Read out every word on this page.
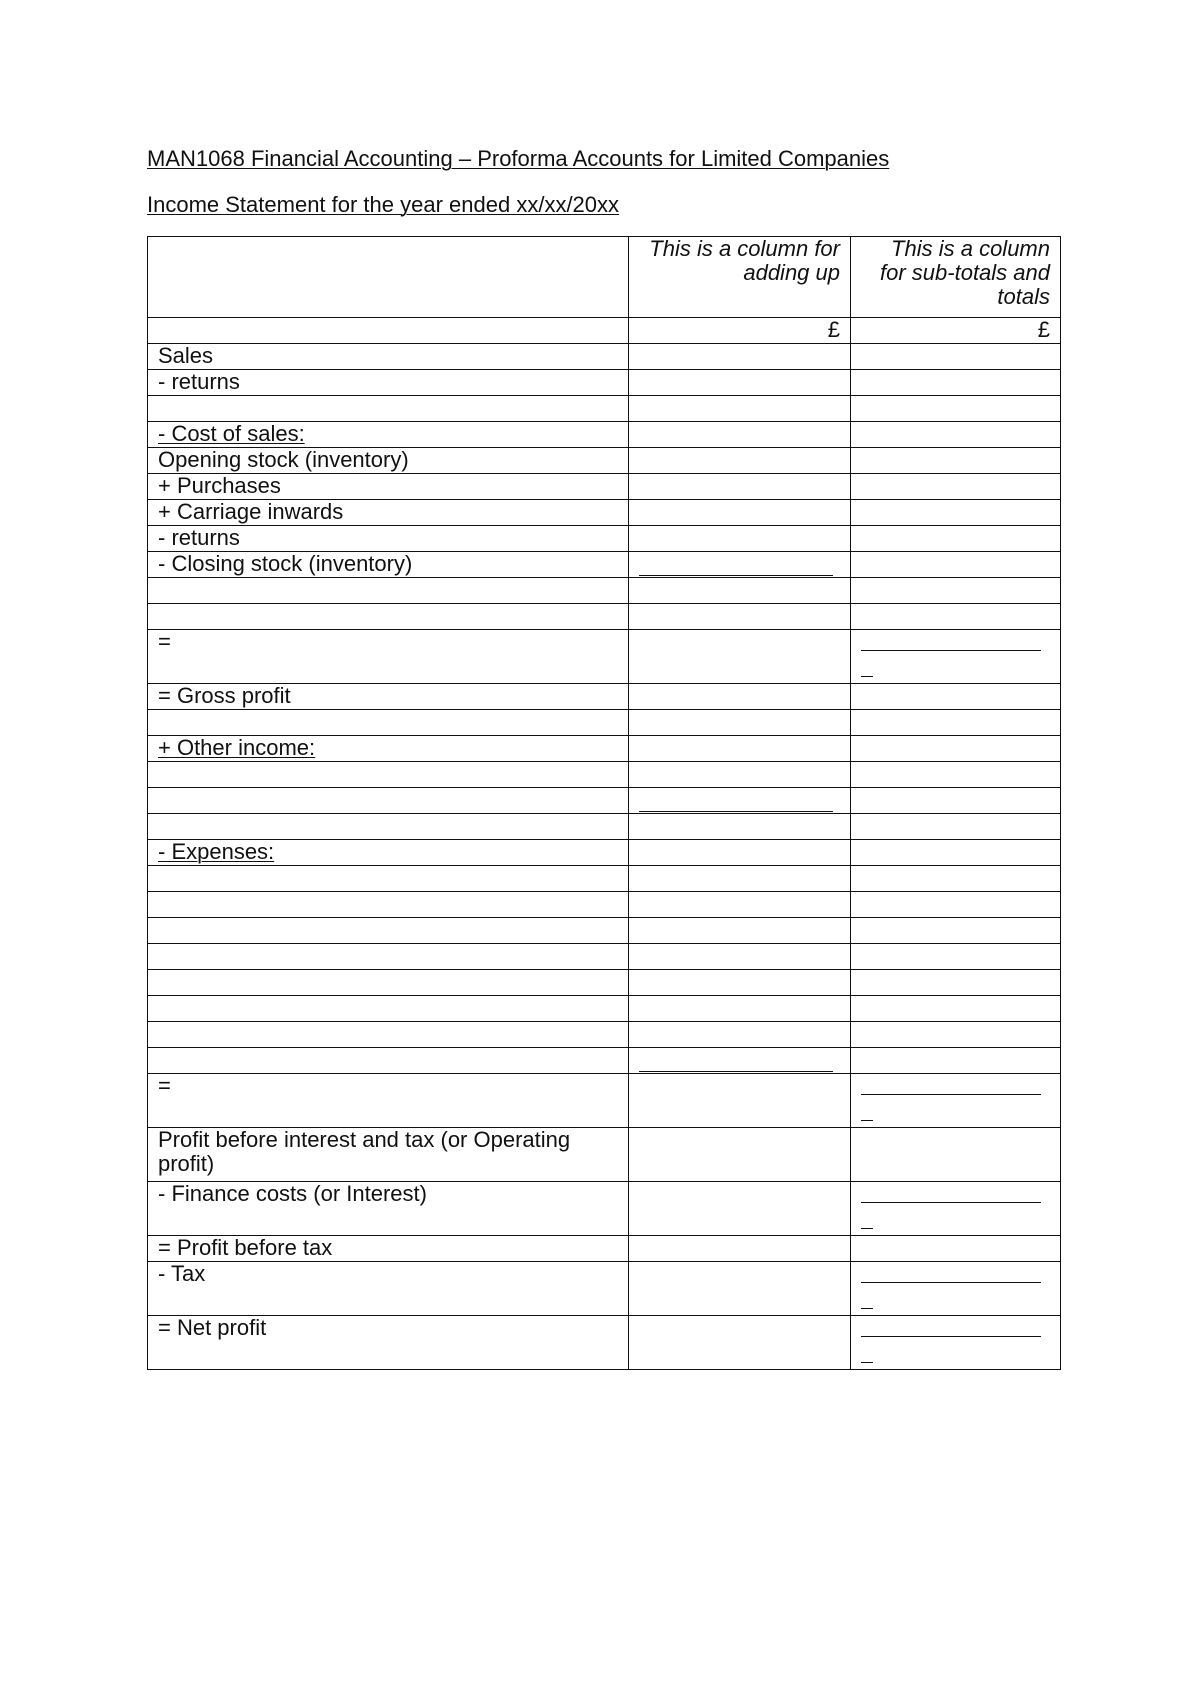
MAN1068 Financial Accounting – Proforma Accounts for Limited Companies
Income Statement for the year ended xx/xx/20xx
	This is a column for adding up	This is a column for sub-totals and totals
	£	£
Sales		
- returns		

- Cost of sales:		
Opening stock (inventory)		
+ Purchases		
+ Carriage inwards		
- returns		
- Closing stock (inventory)	

=		

= Gross profit		

+ Other income:		

- Expenses:		

=		

Profit before interest and tax (or Operating profit)		
- Finance costs (or Interest)		

= Profit before tax		
- Tax		

= Net profit		
